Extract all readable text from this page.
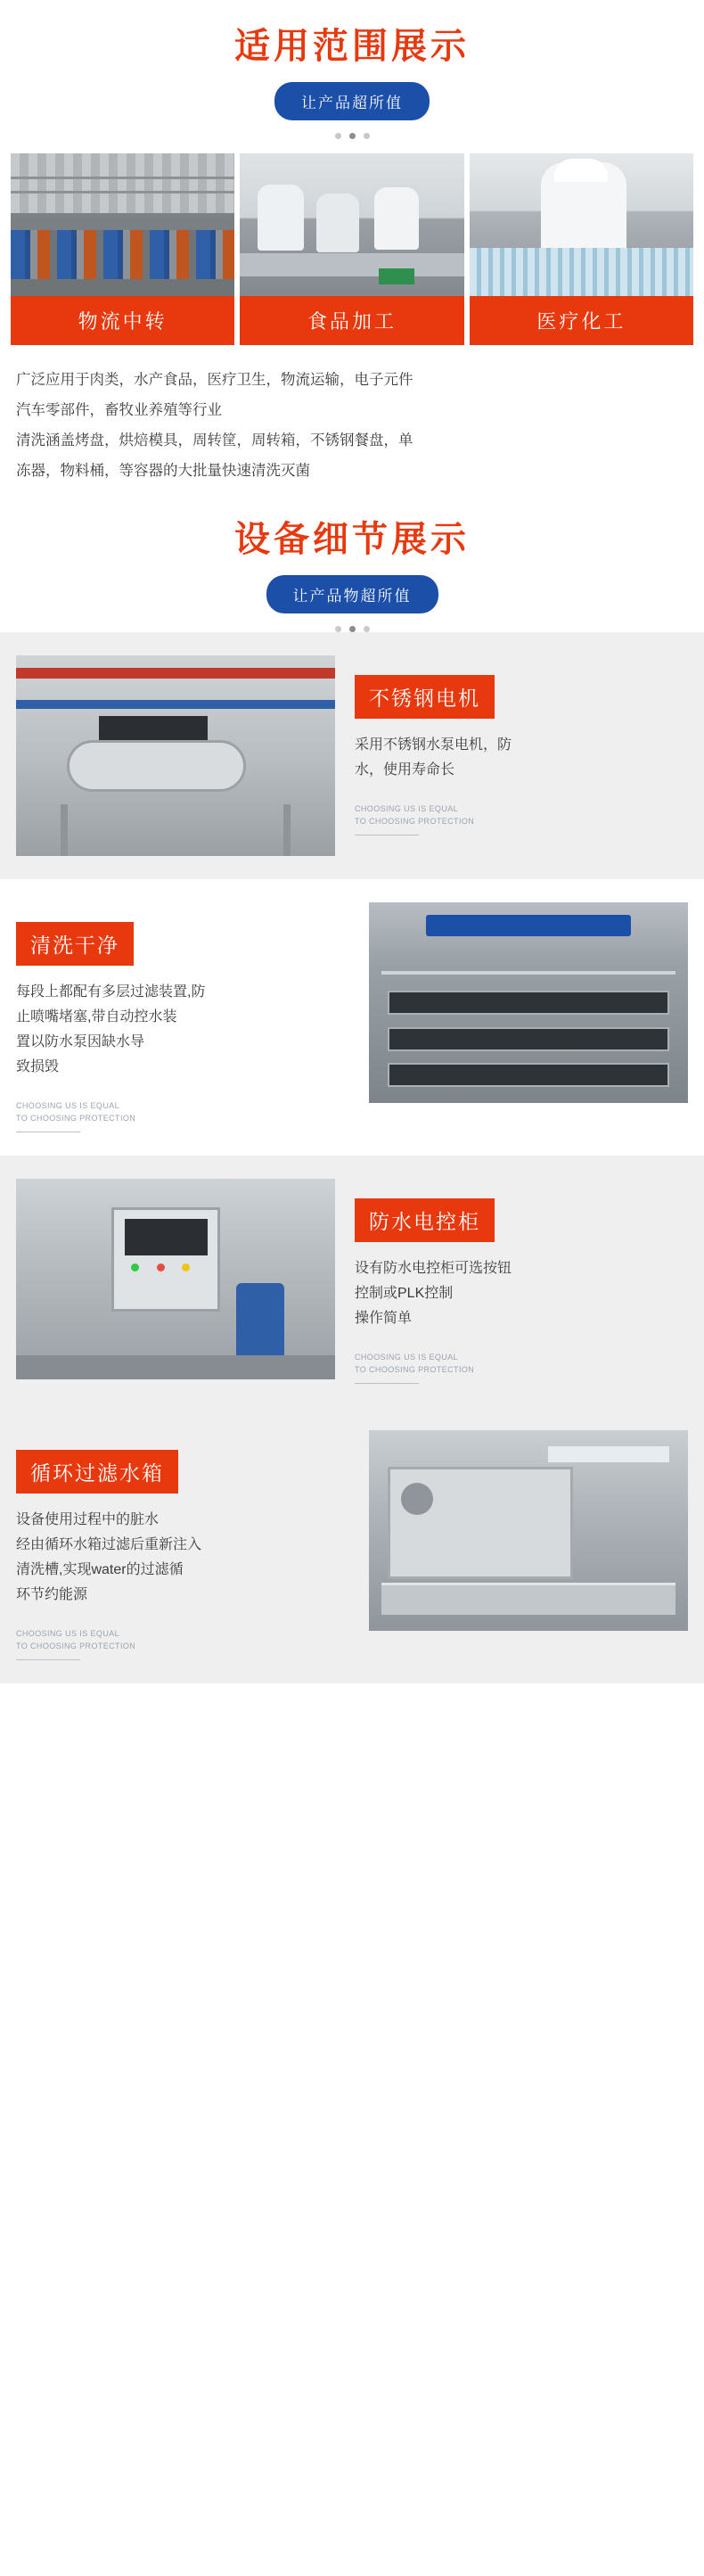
适用范围展示
让产品超所值
物流中转	食品加工	医疗化工

广泛应用于肉类，水产食品，医疗卫生，物流运输，电子元件

汽车零部件，畜牧业养殖等行业

清洗涵盖烤盘，烘焙模具，周转筐，周转箱，不锈钢餐盘，单

冻器，物料桶，等容器的大批量快速清洗灭菌

设备细节展示
让产品物超所值
不锈钢电机
采用不锈钢水泵电机，防
水，使用寿命长
CHOOSING US IS EQUAL
TO CHOOSING PROTECTION
清洗干净
每段上都配有多层过滤装置,防
止喷嘴堵塞,带自动控水装
置以防水泵因缺水导
致损毁
CHOOSING US IS EQUAL
TO CHOOSING PROTECTION
防水电控柜
设有防水电控柜可选按钮
控制或PLK控制
操作简单
CHOOSING US IS EQUAL
TO CHOOSING PROTECTION
循环过滤水箱
设备使用过程中的脏水
经由循环水箱过滤后重新注入
清洗槽,实现water的过滤循
环节约能源
CHOOSING US IS EQUAL
TO CHOOSING PROTECTION
